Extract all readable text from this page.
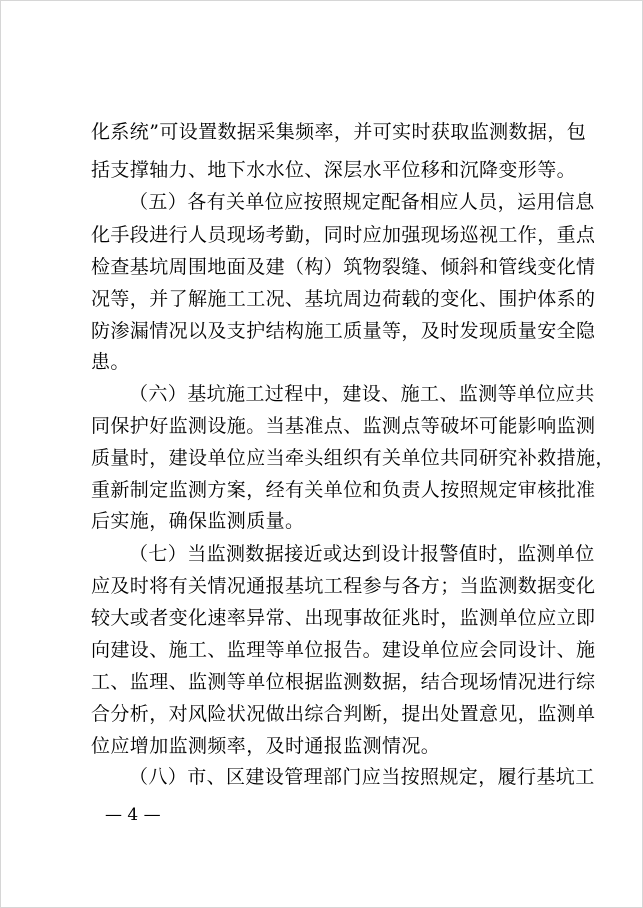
化系统”可设置数据采集频率，并可实时获取监测数据，包
括支撑轴力、地下水水位、深层水平位移和沉降变形等。
（五）各有关单位应按照规定配备相应人员，运用信息
化手段进行人员现场考勤，同时应加强现场巡视工作，重点
检查基坑周围地面及建（构）筑物裂缝、倾斜和管线变化情
况等，并了解施工工况、基坑周边荷载的变化、围护体系的
防渗漏情况以及支护结构施工质量等，及时发现质量安全隐
患。
（六）基坑施工过程中，建设、施工、监测等单位应共
同保护好监测设施。当基准点、监测点等破坏可能影响监测
质量时，建设单位应当牵头组织有关单位共同研究补救措施，
重新制定监测方案，经有关单位和负责人按照规定审核批准
后实施，确保监测质量。
（七）当监测数据接近或达到设计报警值时，监测单位
应及时将有关情况通报基坑工程参与各方；当监测数据变化
较大或者变化速率异常、出现事故征兆时，监测单位应立即
向建设、施工、监理等单位报告。建设单位应会同设计、施
工、监理、监测等单位根据监测数据，结合现场情况进行综
合分析，对风险状况做出综合判断，提出处置意见，监测单
位应增加监测频率，及时通报监测情况。
（八）市、区建设管理部门应当按照规定，履行基坑工
— 4 —
